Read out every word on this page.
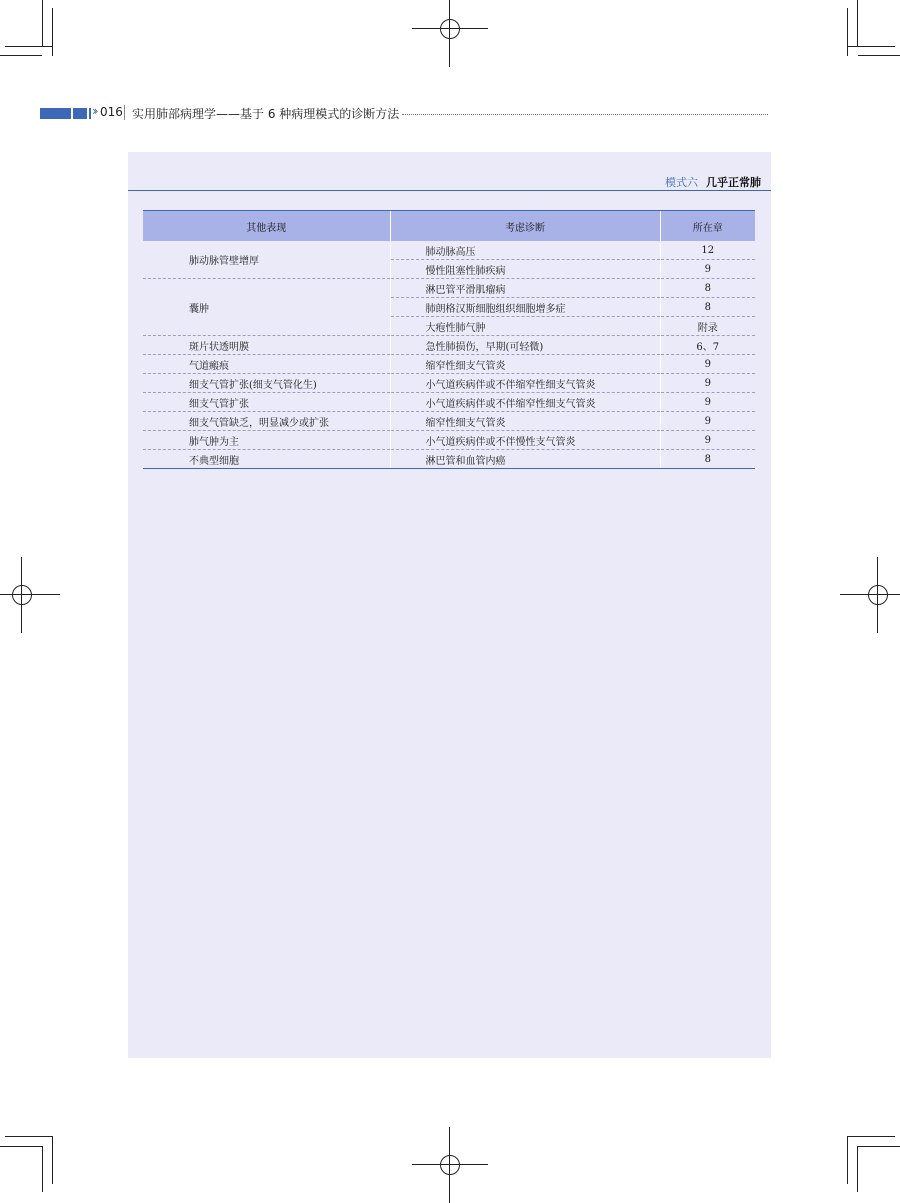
›› 016 实用肺部病理学——基于 6 种病理模式的诊断方法
模式六 几乎正常肺
其他表现	考虑诊断	所在章
肺动脉管壁增厚	肺动脉高压	12
	慢性阻塞性肺疾病	9
囊肿	淋巴管平滑肌瘤病	8
	肺朗格汉斯细胞组织细胞增多症	8
	大疱性肺气肿	附录
斑片状透明膜	急性肺损伤，早期(可轻微)	6、7
气道瘢痕	缩窄性细支气管炎	9
细支气管扩张(细支气管化生)	小气道疾病伴或不伴缩窄性细支气管炎	9
细支气管扩张	小气道疾病伴或不伴缩窄性细支气管炎	9
细支气管缺乏，明显减少或扩张	缩窄性细支气管炎	9
肺气肿为主	小气道疾病伴或不伴慢性支气管炎	9
不典型细胞	淋巴管和血管内癌	8
